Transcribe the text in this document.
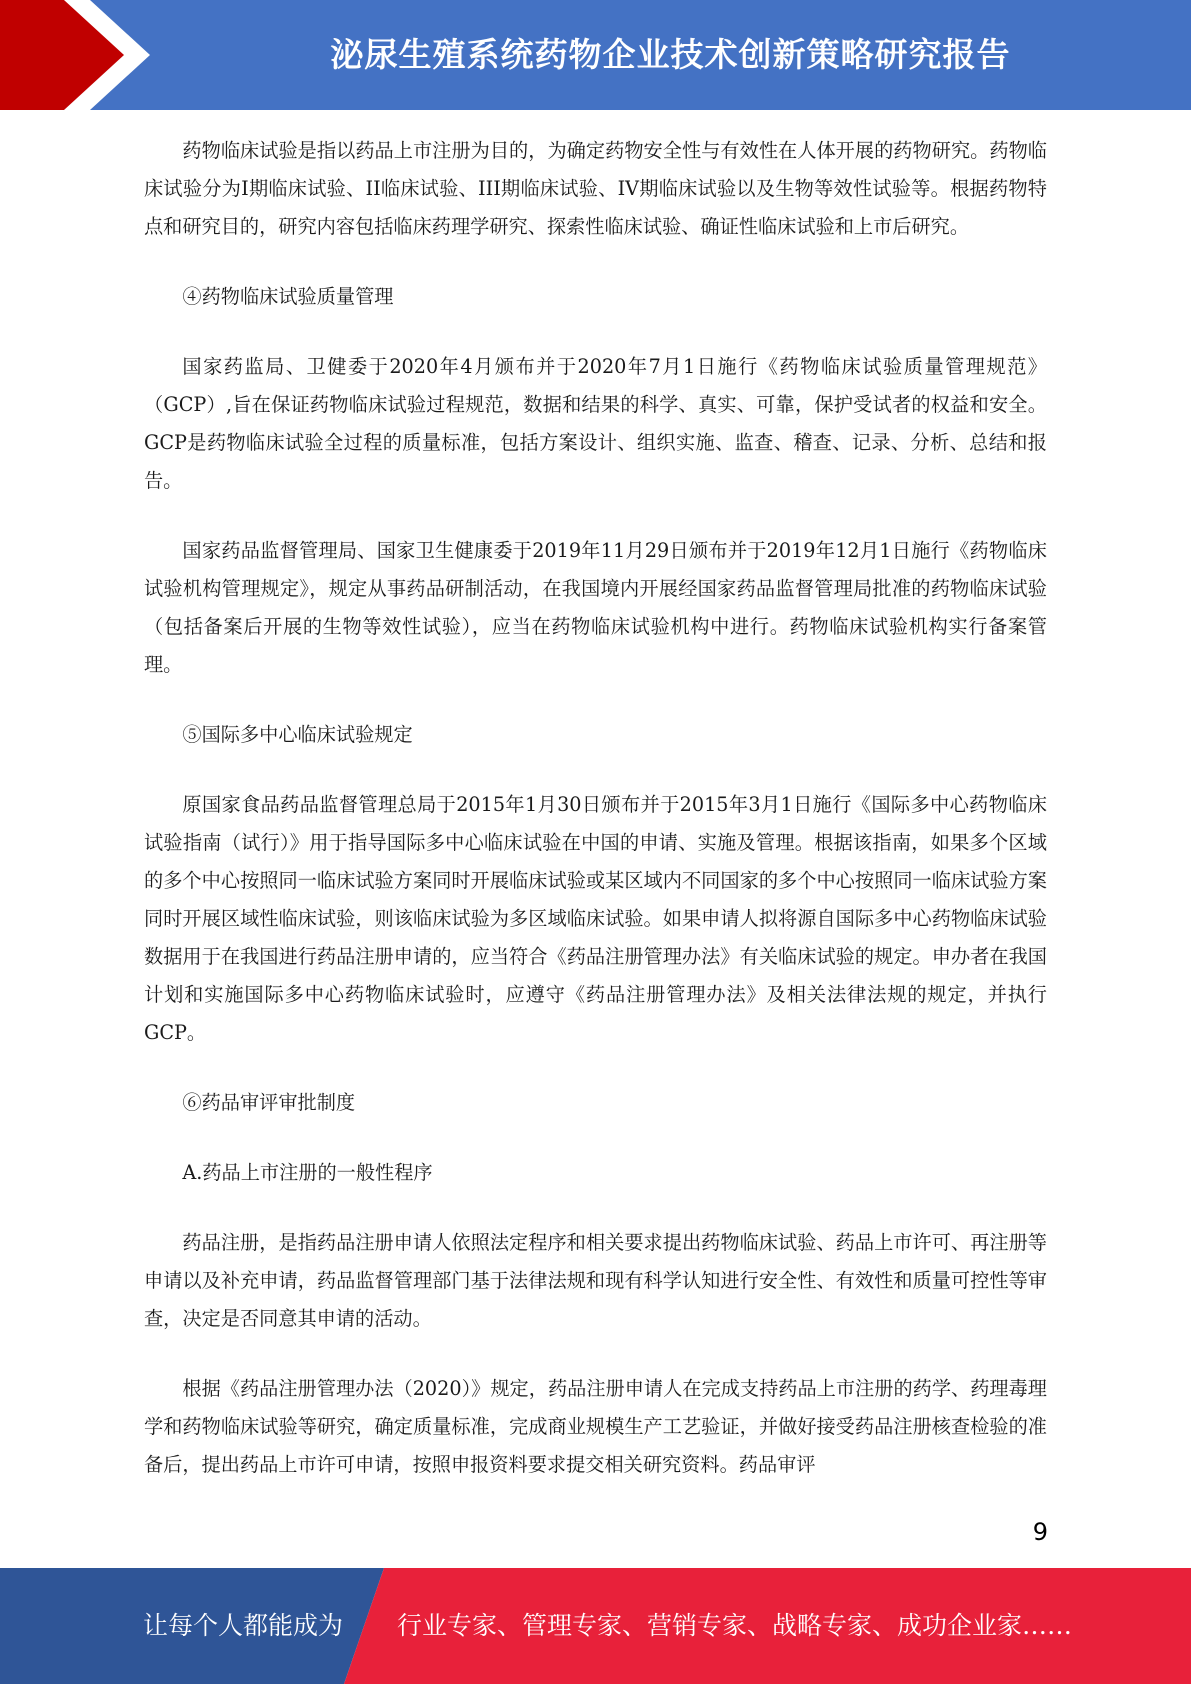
泌尿生殖系统药物企业技术创新策略研究报告

药物临床试验是指以药品上市注册为目的，为确定药物安全性与有效性在人体开展的药物研究。药物临床试验分为Ⅰ期临床试验、II临床试验、III期临床试验、IV期临床试验以及生物等效性试验等。根据药物特点和研究目的，研究内容包括临床药理学研究、探索性临床试验、确证性临床试验和上市后研究。

④药物临床试验质量管理

国家药监局、卫健委于2020年4月颁布并于2020年7月1日施行《药物临床试验质量管理规范》（GCP）,旨在保证药物临床试验过程规范，数据和结果的科学、真实、可靠，保护受试者的权益和安全。GCP是药物临床试验全过程的质量标准，包括方案设计、组织实施、监查、稽查、记录、分析、总结和报告。

国家药品监督管理局、国家卫生健康委于2019年11月29日颁布并于2019年12月1日施行《药物临床试验机构管理规定》，规定从事药品研制活动，在我国境内开展经国家药品监督管理局批准的药物临床试验（包括备案后开展的生物等效性试验），应当在药物临床试验机构中进行。药物临床试验机构实行备案管理。

⑤国际多中心临床试验规定

原国家食品药品监督管理总局于2015年1月30日颁布并于2015年3月1日施行《国际多中心药物临床试验指南（试行）》用于指导国际多中心临床试验在中国的申请、实施及管理。根据该指南，如果多个区域的多个中心按照同一临床试验方案同时开展临床试验或某区域内不同国家的多个中心按照同一临床试验方案同时开展区域性临床试验，则该临床试验为多区域临床试验。如果申请人拟将源自国际多中心药物临床试验数据用于在我国进行药品注册申请的，应当符合《药品注册管理办法》有关临床试验的规定。申办者在我国计划和实施国际多中心药物临床试验时，应遵守《药品注册管理办法》及相关法律法规的规定，并执行GCP。

⑥药品审评审批制度

A.药品上市注册的一般性程序

药品注册，是指药品注册申请人依照法定程序和相关要求提出药物临床试验、药品上市许可、再注册等申请以及补充申请，药品监督管理部门基于法律法规和现有科学认知进行安全性、有效性和质量可控性等审查，决定是否同意其申请的活动。

根据《药品注册管理办法（2020）》规定，药品注册申请人在完成支持药品上市注册的药学、药理毒理学和药物临床试验等研究，确定质量标准，完成商业规模生产工艺验证，并做好接受药品注册核查检验的准备后，提出药品上市许可申请，按照申报资料要求提交相关研究资料。药品审评

9
让每个人都能成为 行业专家、管理专家、营销专家、战略专家、成功企业家……
